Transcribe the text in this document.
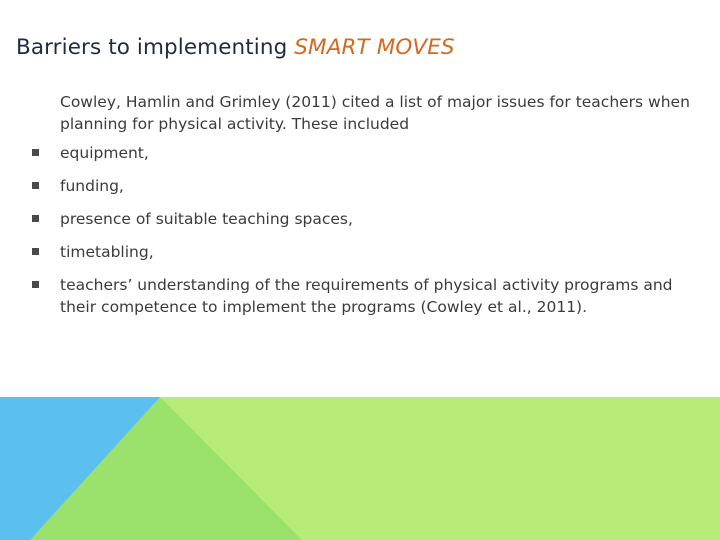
Barriers to implementing SMART MOVES

Cowley, Hamlin and Grimley (2011) cited a list of major issues for teachers when planning for physical activity. These included

equipment,
funding,
presence of suitable teaching spaces,
timetabling,
teachers’ understanding of the requirements of physical activity programs and their competence to implement the programs (Cowley et al., 2011).
